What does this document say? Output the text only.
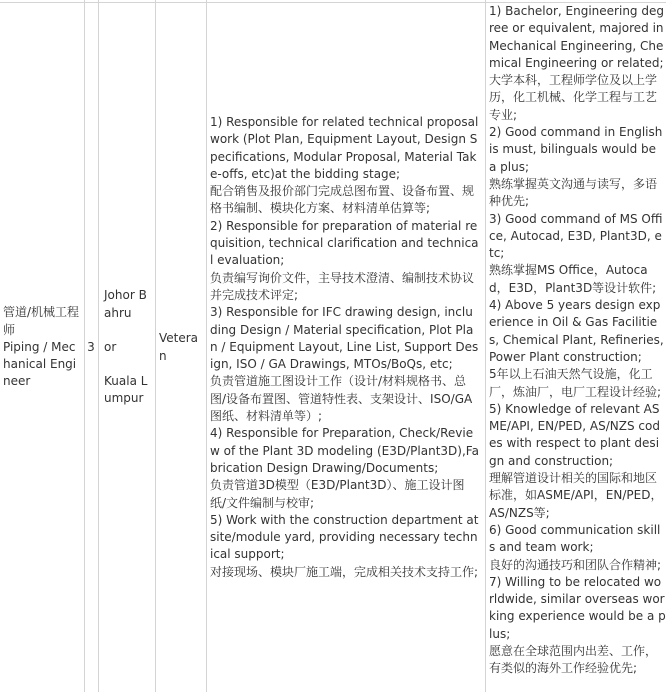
管道/机械工程师
Piping / Mechanical Engineer
3
Johor Bahru
or
Kuala Lumpur
Veteran
1) Responsible for related technical proposal work (Plot Plan, Equipment Layout, Design Specifications, Modular Proposal, Material Take-offs, etc)at the bidding stage;
配合销售及报价部门完成总图布置、设备布置、规格书编制、模块化方案、材料清单估算等;
2) Responsible for preparation of material requisition, technical clarification and technical evaluation;
负责编写询价文件，主导技术澄清、编制技术协议并完成技术评定;
3) Responsible for IFC drawing design, including Design / Material specification, Plot Plan / Equipment Layout, Line List, Support Design, ISO / GA Drawings, MTOs/BoQs, etc;
负责管道施工图设计工作（设计/材料规格书、总图/设备布置图、管道特性表、支架设计、ISO/GA图纸、材料清单等）;
4) Responsible for Preparation, Check/Review of the Plant 3D modeling (E3D/Plant3D),Fabrication Design Drawing/Documents;
负责管道3D模型（E3D/Plant3D）、施工设计图纸/文件编制与校审;
5) Work with the construction department at site/module yard, providing necessary technical support;
对接现场、模块厂施工端，完成相关技术支持工作;
1) Bachelor, Engineering degree or equivalent, majored in Mechanical Engineering, Chemical Engineering or related;
大学本科，工程师学位及以上学历，化工机械、化学工程与工艺专业;
2) Good command in English is must, bilinguals would be a plus;
熟练掌握英文沟通与读写，多语种优先;
3) Good command of MS Office, Autocad, E3D, Plant3D, etc;
熟练掌握MS Office，Autocad，E3D，Plant3D等设计软件;
4) Above 5 years design experience in Oil & Gas Facilities, Chemical Plant, Refineries, Power Plant construction;
5年以上石油天然气设施，化工厂，炼油厂，电厂工程设计经验;
5) Knowledge of relevant ASME/API, EN/PED, AS/NZS codes with respect to plant design and construction;
理解管道设计相关的国际和地区标准，如ASME/API，EN/PED，AS/NZS等;
6) Good communication skills and team work;
良好的沟通技巧和团队合作精神;
7) Willing to be relocated worldwide, similar overseas working experience would be a plus;
愿意在全球范围内出差、工作，有类似的海外工作经验优先;
